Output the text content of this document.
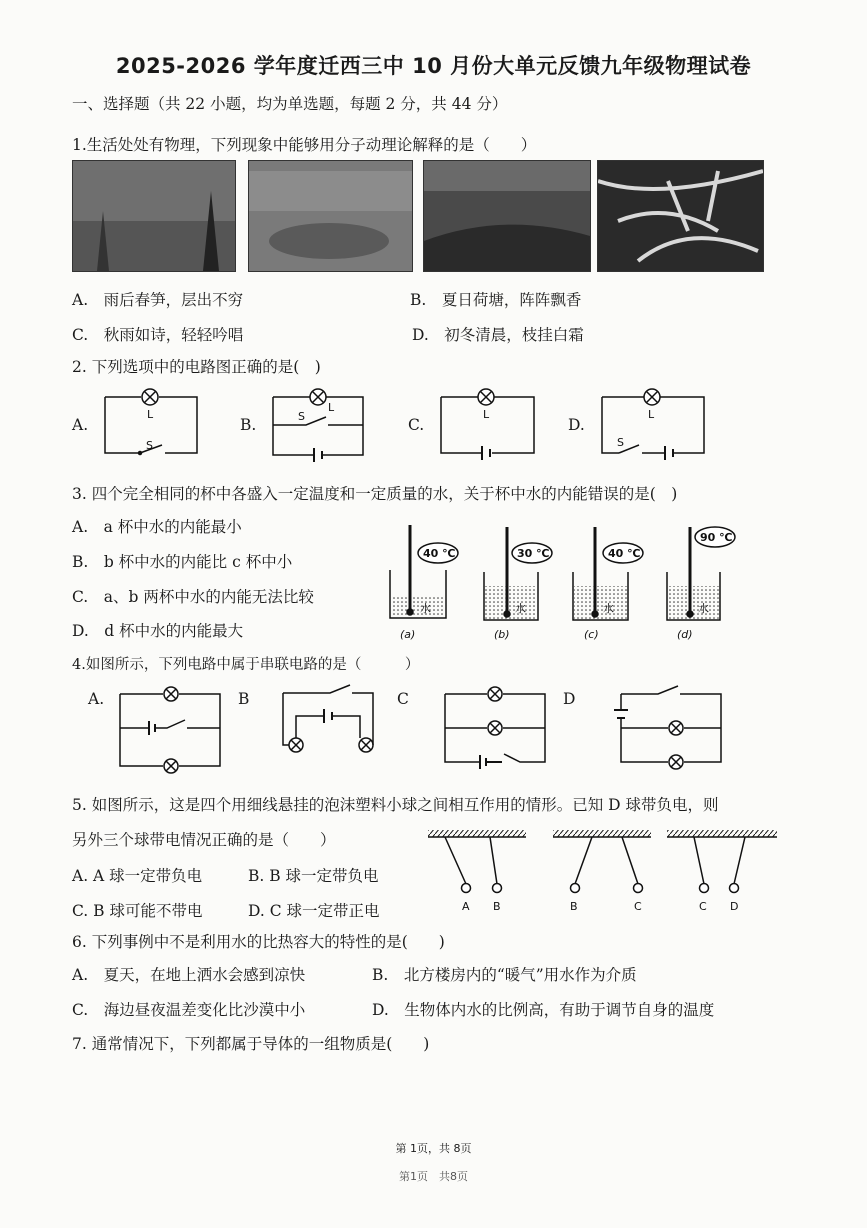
2025-2026 学年度迁西三中 10 月份大单元反馈九年级物理试卷
一、选择题（共 22 小题，均为单选题，每题 2 分，共 44 分）
1.生活处处有物理，下列现象中能够用分子动理论解释的是（　　）
A.　雨后春笋，层出不穷	B.　夏日荷塘，阵阵飘香
C.　秋雨如诗，轻轻吟唱	D.　初冬清晨，枝挂白霜
2. 下列选项中的电路图正确的是(　)
A.	B.	C.	D.
L
S
S
L
L	L
S
3. 四个完全相同的杯中各盛入一定温度和一定质量的水，关于杯中水的内能错误的是(　)
A.　a 杯中水的内能最小
B.　b 杯中水的内能比 c 杯中小
C.　a、b 两杯中水的内能无法比较
D.　d 杯中水的内能最大
40 ℃	30 ℃	40 ℃
90 ℃
水	水	水	水
(a)	(b)	(c)	(d)
4.如图所示，下列电路中属于串联电路的是（　　　）
A.	B	C	D
5. 如图所示，这是四个用细线悬挂的泡沫塑料小球之间相互作用的情形。已知 D 球带负电，则
另外三个球带电情况正确的是（　　）
A. A 球一定带负电	B. B 球一定带负电
C. B 球可能不带电	D. C 球一定带正电	A B	B	C	C D
6. 下列事例中不是利用水的比热容大的特性的是(　　)
A.　夏天，在地上洒水会感到凉快	B.　北方楼房内的“暖气”用水作为介质
C.　海边昼夜温差变化比沙漠中小	D.　生物体内水的比例高，有助于调节自身的温度
7. 通常情况下，下列都属于导体的一组物质是(　　)
第 1页，共 8页
第1页　共8页
